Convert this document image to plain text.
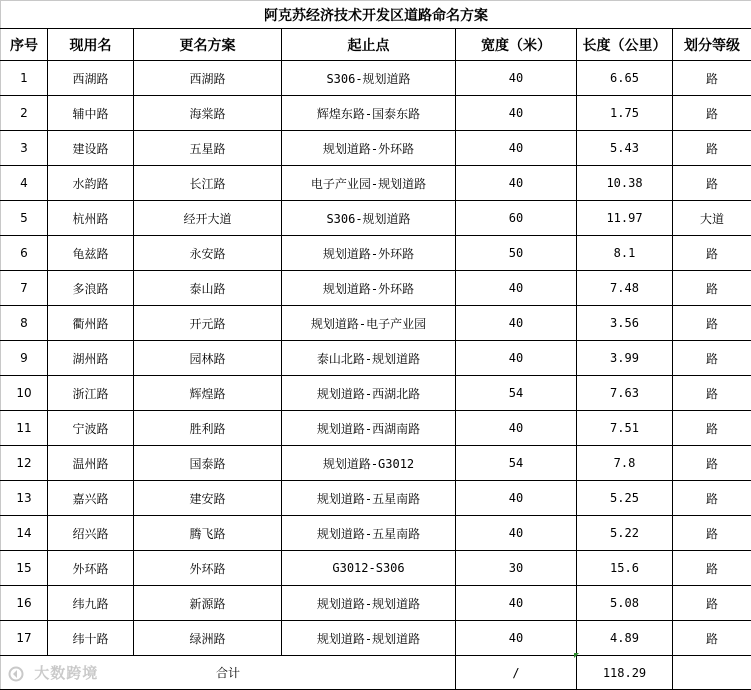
阿克苏经济技术开发区道路命名方案						
序号	现用名	更名方案	起止点	宽度（米）	长度（公里）	划分等级
1	西湖路	西湖路	S306-规划道路	40	6.65	路
2	辅中路	海棠路	辉煌东路-国泰东路	40	1.75	路
3	建设路	五星路	规划道路-外环路	40	5.43	路
4	水韵路	长江路	电子产业园-规划道路	40	10.38	路
5	杭州路	经开大道	S306-规划道路	60	11.97	大道
6	龟兹路	永安路	规划道路-外环路	50	8.1	路
7	多浪路	泰山路	规划道路-外环路	40	7.48	路
8	衢州路	开元路	规划道路-电子产业园	40	3.56	路
9	湖州路	园林路	泰山北路-规划道路	40	3.99	路
10	浙江路	辉煌路	规划道路-西湖北路	54	7.63	路
11	宁波路	胜利路	规划道路-西湖南路	40	7.51	路
12	温州路	国泰路	规划道路-G3012	54	7.8	路
13	嘉兴路	建安路	规划道路-五星南路	40	5.25	路
14	绍兴路	腾飞路	规划道路-五星南路	40	5.22	路
15	外环路	外环路	G3012-S306	30	15.6	路
16	纬九路	新源路	规划道路-规划道路	40	5.08	路
17	纬十路	绿洲路	规划道路-规划道路	40	4.89	路
合计				/	118.29	
大数跨境
